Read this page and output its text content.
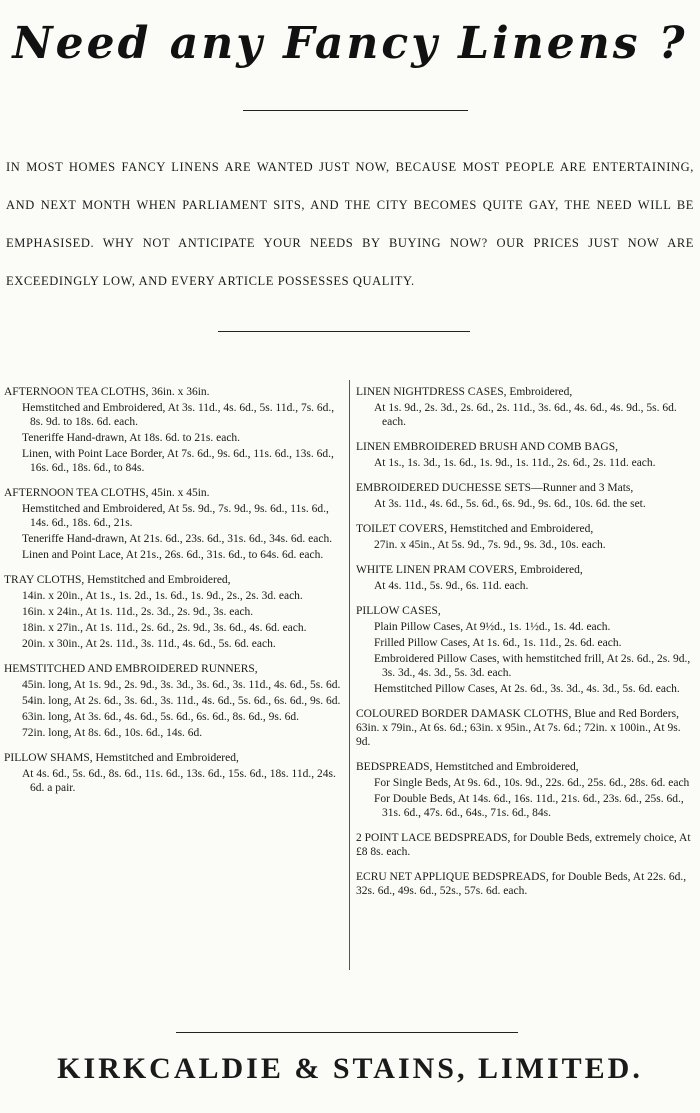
Need any Fancy Linens ?
IN MOST HOMES FANCY LINENS ARE WANTED JUST NOW, BECAUSE MOST PEOPLE ARE ENTERTAINING, AND NEXT MONTH WHEN PARLIAMENT SITS, AND THE CITY BECOMES QUITE GAY, THE NEED WILL BE EMPHASISED. WHY NOT ANTICIPATE YOUR NEEDS BY BUYING NOW? OUR PRICES JUST NOW ARE EXCEEDINGLY LOW, AND EVERY ARTICLE POSSESSES QUALITY.
AFTERNOON TEA CLOTHS, 36in. x 36in.
Hemstitched and Embroidered, At 3s. 11d., 4s. 6d., 5s. 11d., 7s. 6d., 8s. 9d. to 18s. 6d. each.
Teneriffe Hand-drawn, At 18s. 6d. to 21s. each.
Linen, with Point Lace Border, At 7s. 6d., 9s. 6d., 11s. 6d., 13s. 6d., 16s. 6d., 18s. 6d., to 84s.
AFTERNOON TEA CLOTHS, 45in. x 45in.
Hemstitched and Embroidered, At 5s. 9d., 7s. 9d., 9s. 6d., 11s. 6d., 14s. 6d., 18s. 6d., 21s.
Teneriffe Hand-drawn, At 21s. 6d., 23s. 6d., 31s. 6d., 34s. 6d. each.
Linen and Point Lace, At 21s., 26s. 6d., 31s. 6d., to 64s. 6d. each.
TRAY CLOTHS, Hemstitched and Embroidered,
14in. x 20in., At 1s., 1s. 2d., 1s. 6d., 1s. 9d., 2s., 2s. 3d. each.
16in. x 24in., At 1s. 11d., 2s. 3d., 2s. 9d., 3s. each.
18in. x 27in., At 1s. 11d., 2s. 6d., 2s. 9d., 3s. 6d., 4s. 6d. each.
20in. x 30in., At 2s. 11d., 3s. 11d., 4s. 6d., 5s. 6d. each.
HEMSTITCHED AND EMBROIDERED RUNNERS,
45in. long, At 1s. 9d., 2s. 9d., 3s. 3d., 3s. 6d., 3s. 11d., 4s. 6d., 5s. 6d.
54in. long, At 2s. 6d., 3s. 6d., 3s. 11d., 4s. 6d., 5s. 6d., 6s. 6d., 9s. 6d.
63in. long, At 3s. 6d., 4s. 6d., 5s. 6d., 6s. 6d., 8s. 6d., 9s. 6d.
72in. long, At 8s. 6d., 10s. 6d., 14s. 6d.
PILLOW SHAMS, Hemstitched and Embroidered,
At 4s. 6d., 5s. 6d., 8s. 6d., 11s. 6d., 13s. 6d., 15s. 6d., 18s. 11d., 24s. 6d. a pair.
LINEN NIGHTDRESS CASES, Embroidered,
At 1s. 9d., 2s. 3d., 2s. 6d., 2s. 11d., 3s. 6d., 4s. 6d., 4s. 9d., 5s. 6d. each.
LINEN EMBROIDERED BRUSH AND COMB BAGS,
At 1s., 1s. 3d., 1s. 6d., 1s. 9d., 1s. 11d., 2s. 6d., 2s. 11d. each.
EMBROIDERED DUCHESSE SETS—Runner and 3 Mats,
At 3s. 11d., 4s. 6d., 5s. 6d., 6s. 9d., 9s. 6d., 10s. 6d. the set.
TOILET COVERS, Hemstitched and Embroidered,
27in. x 45in., At 5s. 9d., 7s. 9d., 9s. 3d., 10s. each.
WHITE LINEN PRAM COVERS, Embroidered,
At 4s. 11d., 5s. 9d., 6s. 11d. each.
PILLOW CASES,
Plain Pillow Cases, At 9½d., 1s. 1½d., 1s. 4d. each.
Frilled Pillow Cases, At 1s. 6d., 1s. 11d., 2s. 6d. each.
Embroidered Pillow Cases, with hemstitched frill, At 2s. 6d., 2s. 9d., 3s. 3d., 4s. 3d., 5s. 3d. each.
Hemstitched Pillow Cases, At 2s. 6d., 3s. 3d., 4s. 3d., 5s. 6d. each.
COLOURED BORDER DAMASK CLOTHS, Blue and Red Borders, 63in. x 79in., At 6s. 6d.; 63in. x 95in., At 7s. 6d.; 72in. x 100in., At 9s. 9d.
BEDSPREADS, Hemstitched and Embroidered,
For Single Beds, At 9s. 6d., 10s. 9d., 22s. 6d., 25s. 6d., 28s. 6d. each
For Double Beds, At 14s. 6d., 16s. 11d., 21s. 6d., 23s. 6d., 25s. 6d., 31s. 6d., 47s. 6d., 64s., 71s. 6d., 84s.
2 POINT LACE BEDSPREADS, for Double Beds, extremely choice, At £8 8s. each.
ECRU NET APPLIQUE BEDSPREADS, for Double Beds, At 22s. 6d., 32s. 6d., 49s. 6d., 52s., 57s. 6d. each.
KIRKCALDIE & STAINS, LIMITED.
